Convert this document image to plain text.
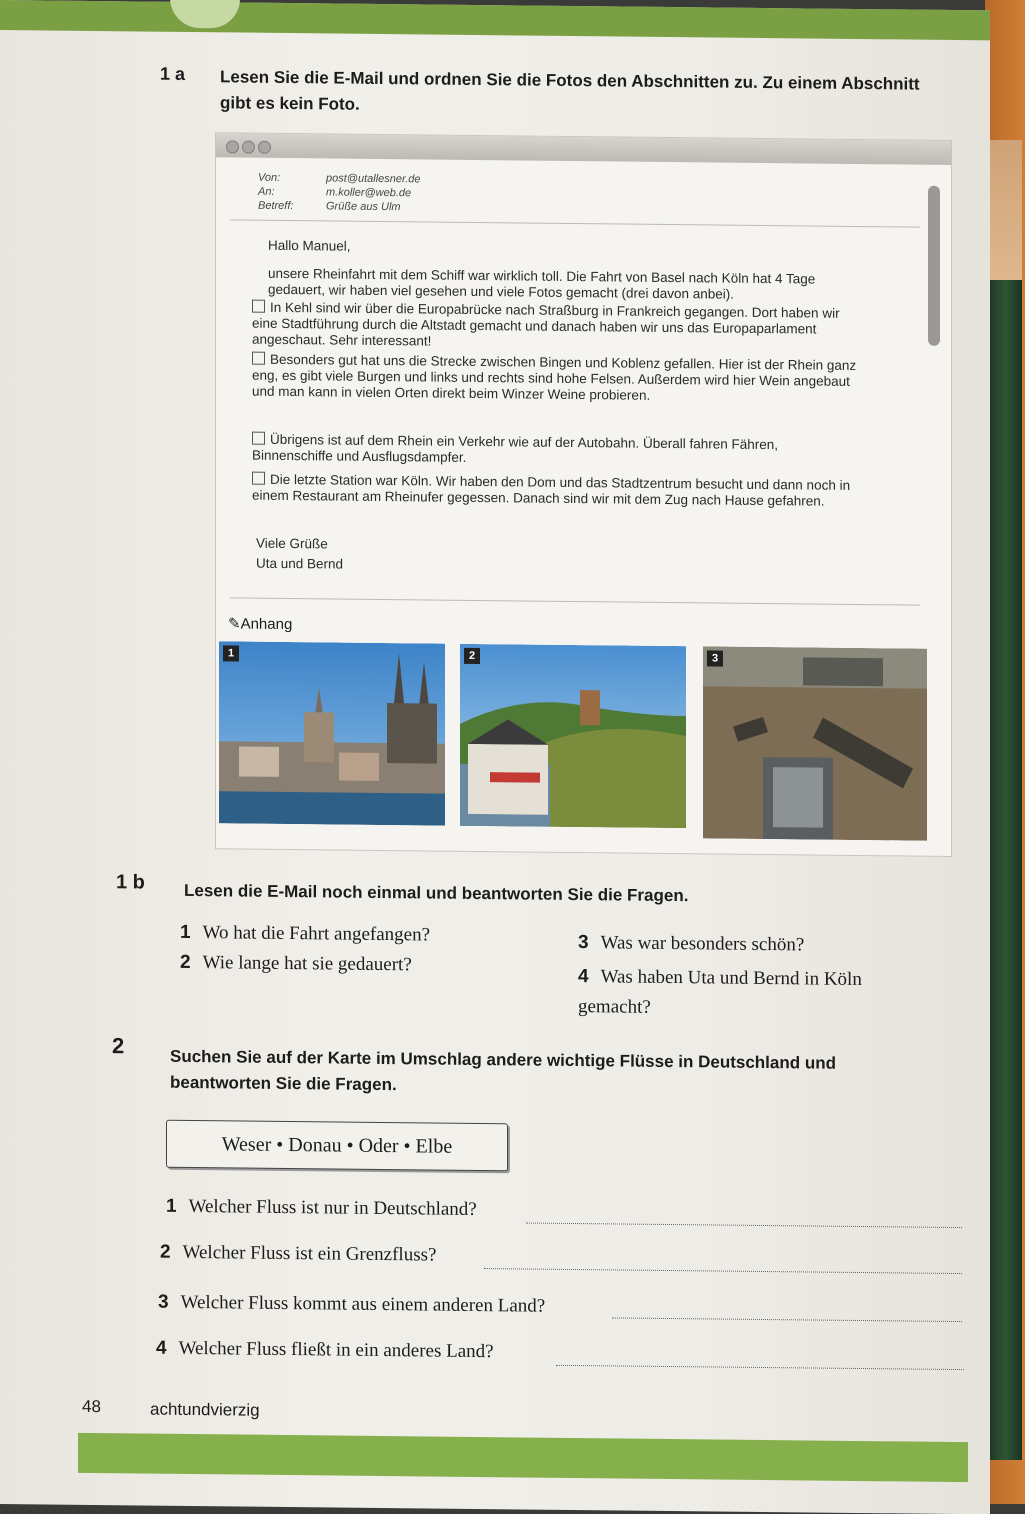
1 a Lesen Sie die E-Mail und ordnen Sie die Fotos den Abschnitten zu. Zu einem Abschnitt gibt es kein Foto.
Von:	post@utallesner.de
An:	m.koller@web.de
Betreff:	Grüße aus Ulm
Hallo Manuel,
unsere Rheinfahrt mit dem Schiff war wirklich toll. Die Fahrt von Basel nach Köln hat 4 Tage gedauert, wir haben viel gesehen und viele Fotos gemacht (drei davon anbei).
In Kehl sind wir über die Europabrücke nach Straßburg in Frankreich gegangen. Dort haben wir eine Stadtführung durch die Altstadt gemacht und danach haben wir uns das Europaparlament angeschaut. Sehr interessant!
Besonders gut hat uns die Strecke zwischen Bingen und Koblenz gefallen. Hier ist der Rhein ganz eng, es gibt viele Burgen und links und rechts sind hohe Felsen. Außerdem wird hier Wein angebaut und man kann in vielen Orten direkt beim Winzer Weine probieren.
Übrigens ist auf dem Rhein ein Verkehr wie auf der Autobahn. Überall fahren Fähren, Binnenschiffe und Ausflugsdampfer.
Die letzte Station war Köln. Wir haben den Dom und das Stadtzentrum besucht und dann noch in einem Restaurant am Rheinufer gegessen. Danach sind wir mit dem Zug nach Hause gefahren.
Viele Grüße
Uta und Bernd
1	2	3
✎Anhang
1 b Lesen die E-Mail noch einmal und beantworten Sie die Fragen.
1 Wo hat die Fahrt angefangen?
2 Wie lange hat sie gedauert?
3 Was war besonders schön?
4 Was haben Uta und Bernd in Köln gemacht?
2
Suchen Sie auf der Karte im Umschlag andere wichtige Flüsse in Deutschland und beantworten Sie die Fragen.
Weser • Donau • Oder • Elbe
1 Welcher Fluss ist nur in Deutschland?
2 Welcher Fluss ist ein Grenzfluss?
3 Welcher Fluss kommt aus einem anderen Land?
4 Welcher Fluss fließt in ein anderes Land?
48	achtundvierzig
